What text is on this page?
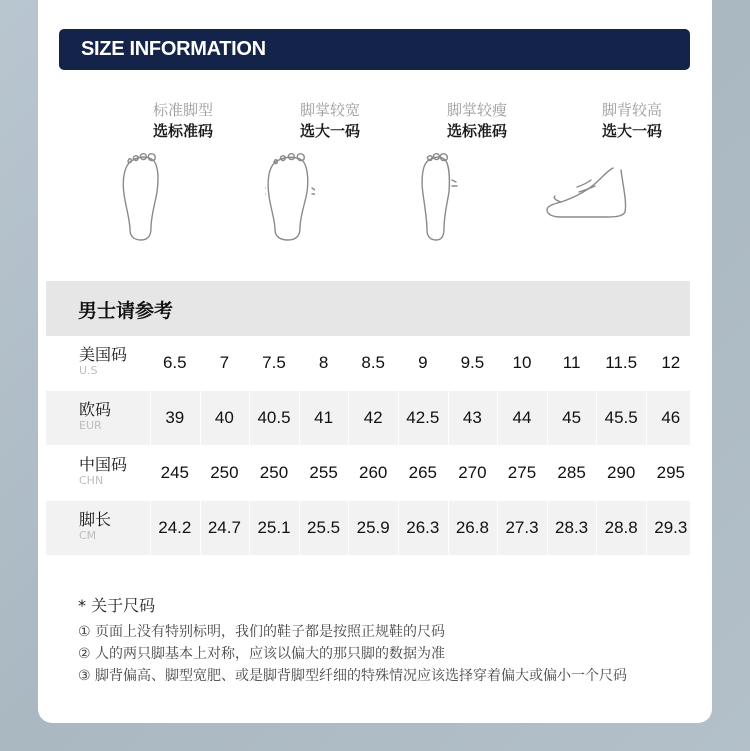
SIZE INFORMATION
标准脚型
选标准码
脚掌较宽
选大一码
脚掌较瘦
选标准码
脚背较高
选大一码
男士请参考
美国码
U.S	6.5	7	7.5	8	8.5	9	9.5	10	11	11.5	12
欧码
EUR	39	40	40.5	41	42	42.5	43	44	45	45.5	46
中国码
CHN	245	250	250	255	260	265	270	275	285	290	295
脚长
CM	24.2 24.7 25.1 25.5 25.9 26.3 26.8 27.3 28.3 28.8 29.3
* 关于尺码
① 页面上没有特别标明，我们的鞋子都是按照正规鞋的尺码
② 人的两只脚基本上对称，应该以偏大的那只脚的数据为准
③ 脚背偏高、脚型宽肥、或是脚背脚型纤细的特殊情况应该选择穿着偏大或偏小一个尺码
